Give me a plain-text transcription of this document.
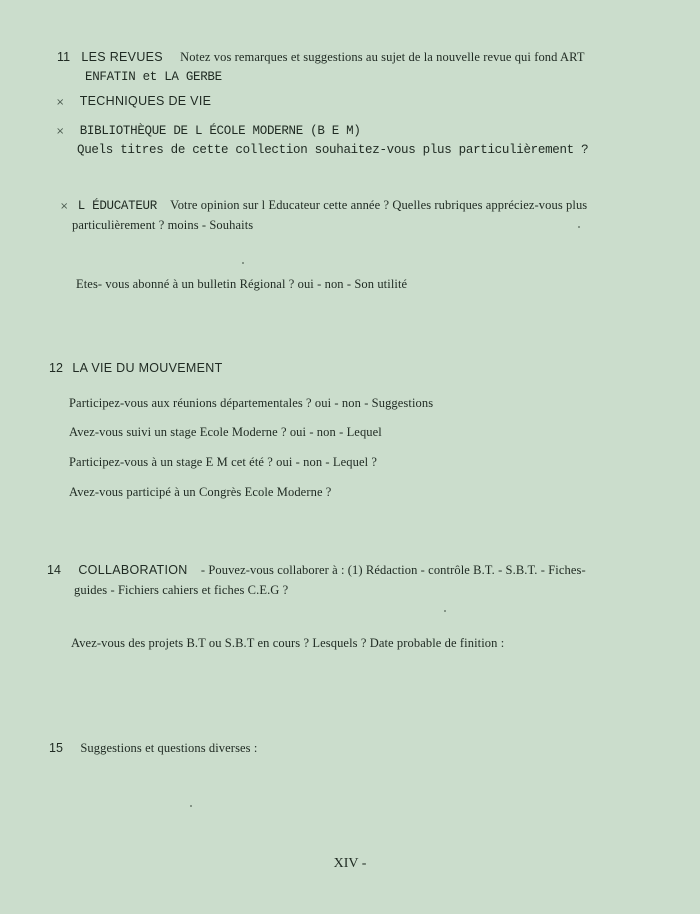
11 LES REVUES Notez vos remarques et suggestions au sujet de la nouvelle revue qui fond ART
ENFATIN et LA GERBE
× TECHNIQUES DE VIE
× BIBLIOTHÈQUE DE L ÉCOLE MODERNE (B E M)
Quels titres de cette collection souhaitez-vous plus particulièrement ?
× L ÉDUCATEUR Votre opinion sur l Educateur cette année ? Quelles rubriques appréciez-vous plus
particulièrement ? moins - Souhaits
Etes- vous abonné à un bulletin Régional ? oui - non - Son utilité
12 LA VIE DU MOUVEMENT
Participez-vous aux réunions départementales ? oui - non - Suggestions
Avez-vous suivi un stage Ecole Moderne ? oui - non - Lequel
Participez-vous à un stage E M cet été ? oui - non - Lequel ?
Avez-vous participé à un Congrès Ecole Moderne ?
14 COLLABORATION - Pouvez-vous collaborer à : (1) Rédaction - contrôle B.T. - S.B.T. - Fiches-
guides - Fichiers cahiers et fiches C.E.G ?
Avez-vous des projets B.T ou S.B.T en cours ? Lesquels ? Date probable de finition :
15 Suggestions et questions diverses :
XIV -
